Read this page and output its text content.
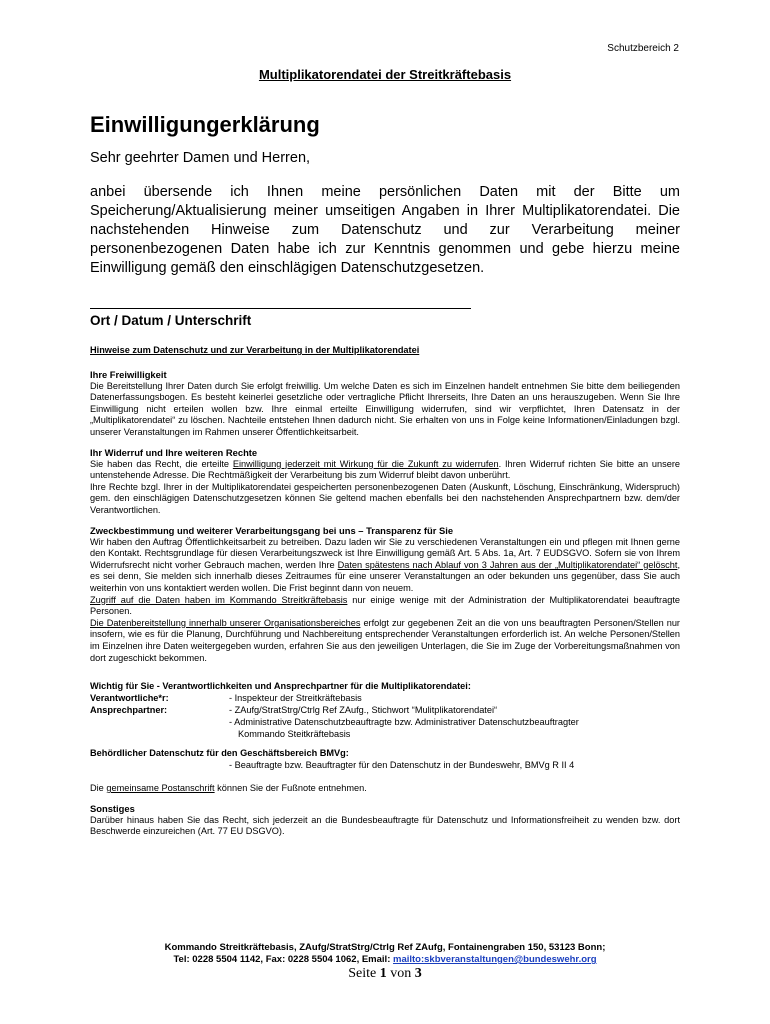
Schutzbereich 2
Multiplikatorendatei der Streitkräftebasis
Einwilligungerklärung
Sehr geehrter Damen und Herren,
anbei übersende ich Ihnen meine persönlichen Daten mit der Bitte um Speicherung/Aktualisierung meiner umseitigen Angaben in Ihrer Multiplikatorendatei. Die nachstehenden Hinweise zum Datenschutz und zur Verarbeitung meiner personenbezogenen Daten habe ich zur Kenntnis genommen und gebe hierzu meine Einwilligung gemäß den einschlägigen Datenschutzgesetzen.
Ort / Datum / Unterschrift
Hinweise zum Datenschutz und zur Verarbeitung in der Multiplikatorendatei

Ihre Freiwilligkeit

Die Bereitstellung Ihrer Daten durch Sie erfolgt freiwillig. Um welche Daten es sich im Einzelnen handelt entnehmen Sie bitte dem beiliegenden Datenerfassungsbogen. Es besteht keinerlei gesetzliche oder vertragliche Pflicht Ihrerseits, Ihre Daten an uns herauszugeben. Wenn Sie Ihre Einwilligung nicht erteilen wollen bzw. Ihre einmal erteilte Einwilligung widerrufen, sind wir verpflichtet, Ihren Datensatz in der „Multiplikatorendatei“ zu löschen. Nachteile entstehen Ihnen dadurch nicht. Sie erhalten von uns in Folge keine Informationen/Einladungen bzgl. unserer Veranstaltungen im Rahmen unserer Öffentlichkeitsarbeit.

Ihr Widerruf und Ihre weiteren Rechte

Sie haben das Recht, die erteilte Einwilligung jederzeit mit Wirkung für die Zukunft zu widerrufen. Ihren Widerruf richten Sie bitte an unsere untenstehende Adresse. Die Rechtmäßigkeit der Verarbeitung bis zum Widerruf bleibt davon unberührt.

Ihre Rechte bzgl. Ihrer in der Multiplikatorendatei gespeicherten personenbezogenen Daten (Auskunft, Löschung, Einschränkung, Widerspruch) gem. den einschlägigen Datenschutzgesetzen können Sie geltend machen ebenfalls bei den nachstehenden Ansprechpartnern bzw. dem/der Verantwortlichen.

Zweckbestimmung und weiterer Verarbeitungsgang bei uns – Transparenz für Sie

Wir haben den Auftrag Öffentlichkeitsarbeit zu betreiben. Dazu laden wir Sie zu verschiedenen Veranstaltungen ein und pflegen mit Ihnen gerne den Kontakt. Rechtsgrundlage für diesen Verarbeitungszweck ist Ihre Einwilligung gemäß Art. 5 Abs. 1a, Art. 7 EUDSGVO. Sofern sie von Ihrem Widerrufsrecht nicht vorher Gebrauch machen, werden Ihre Daten spätestens nach Ablauf von 3 Jahren aus der „Multiplikatorendatei“ gelöscht, es sei denn, Sie melden sich innerhalb dieses Zeitraumes für eine unserer Veranstaltungen an oder bekunden uns gegenüber, dass Sie auch weiterhin von uns kontaktiert werden wollen. Die Frist beginnt dann von neuem.

Zugriff auf die Daten haben im Kommando Streitkräftebasis nur einige wenige mit der Administration der Multiplikatorendatei beauftragte Personen.

Die Datenbereitstellung innerhalb unserer Organisationsbereiches erfolgt zur gegebenen Zeit an die von uns beauftragten Personen/Stellen nur insofern, wie es für die Planung, Durchführung und Nachbereitung entsprechender Veranstaltungen erforderlich ist. An welche Personen/Stellen im Einzelnen ihre Daten weitergegeben wurden, erfahren Sie aus den jeweiligen Unterlagen, die Sie im Zuge der Vorbereitungsmaßnahmen von dort zugeschickt bekommen.

Wichtig für Sie - Verantwortlichkeiten und Ansprechpartner für die Multiplikatorendatei:
Verantwortliche*r:	- Inspekteur der Streitkräftebasis
Ansprechpartner:	- ZAufg/StratStrg/Ctrlg Ref ZAufg., Stichwort “Mulitplikatorendatei“
- Administrative Datenschutzbeauftragte bzw. Administrativer Datenschutzbeauftragter
Kommando Steitkräftebasis
Behördlicher Datenschutz für den Geschäftsbereich BMVg:
- Beauftragte bzw. Beauftragter für den Datenschutz in der Bundeswehr, BMVg R II 4
Die gemeinsame Postanschrift können Sie der Fußnote entnehmen.

Sonstiges

Darüber hinaus haben Sie das Recht, sich jederzeit an die Bundesbeauftragte für Datenschutz und Informationsfreiheit zu wenden bzw. dort Beschwerde einzureichen (Art. 77 EU DSGVO).

Kommando Streitkräftebasis, ZAufg/StratStrg/Ctrlg Ref ZAufg, Fontainengraben 150, 53123 Bonn;
Tel: 0228 5504 1142, Fax: 0228 5504 1062, Email: mailto:skbveranstaltungen@bundeswehr.org
Seite 1 von 3
